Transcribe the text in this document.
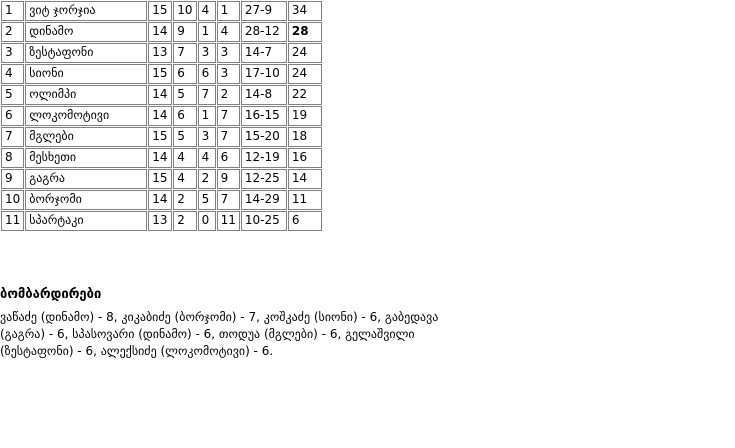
1	ვიტ ჯორჯია	15	10	4	1	27-9	34
2	დინამო	14	9	1	4	28-12	28
3	ზესტაფონი	13	7	3	3	14-7	24
4	სიონი	15	6	6	3	17-10	24
5	ოლიმპი	14	5	7	2	14-8	22
6	ლოკომოტივი	14	6	1	7	16-15	19
7	მგლები	15	5	3	7	15-20	18
8	მესხეთი	14	4	4	6	12-19	16
9	გაგრა	15	4	2	9	12-25	14
10	ბორჯომი	14	2	5	7	14-29	11
11	სპარტაკი	13	2	0	11	10-25	6
ბომბარდირები
ვაწაძე (დინამო) - 8, კიკაბიძე (ბორჯომი) - 7, კოშკაძე (სიონი) - 6, გაბედავა (გაგრა) - 6, სპასოვარი (დინამო) - 6, თოდუა (მგლები) - 6, გელაშვილი (ზესტაფონი) - 6, ალექსიძე (ლოკომოტივი) - 6.
